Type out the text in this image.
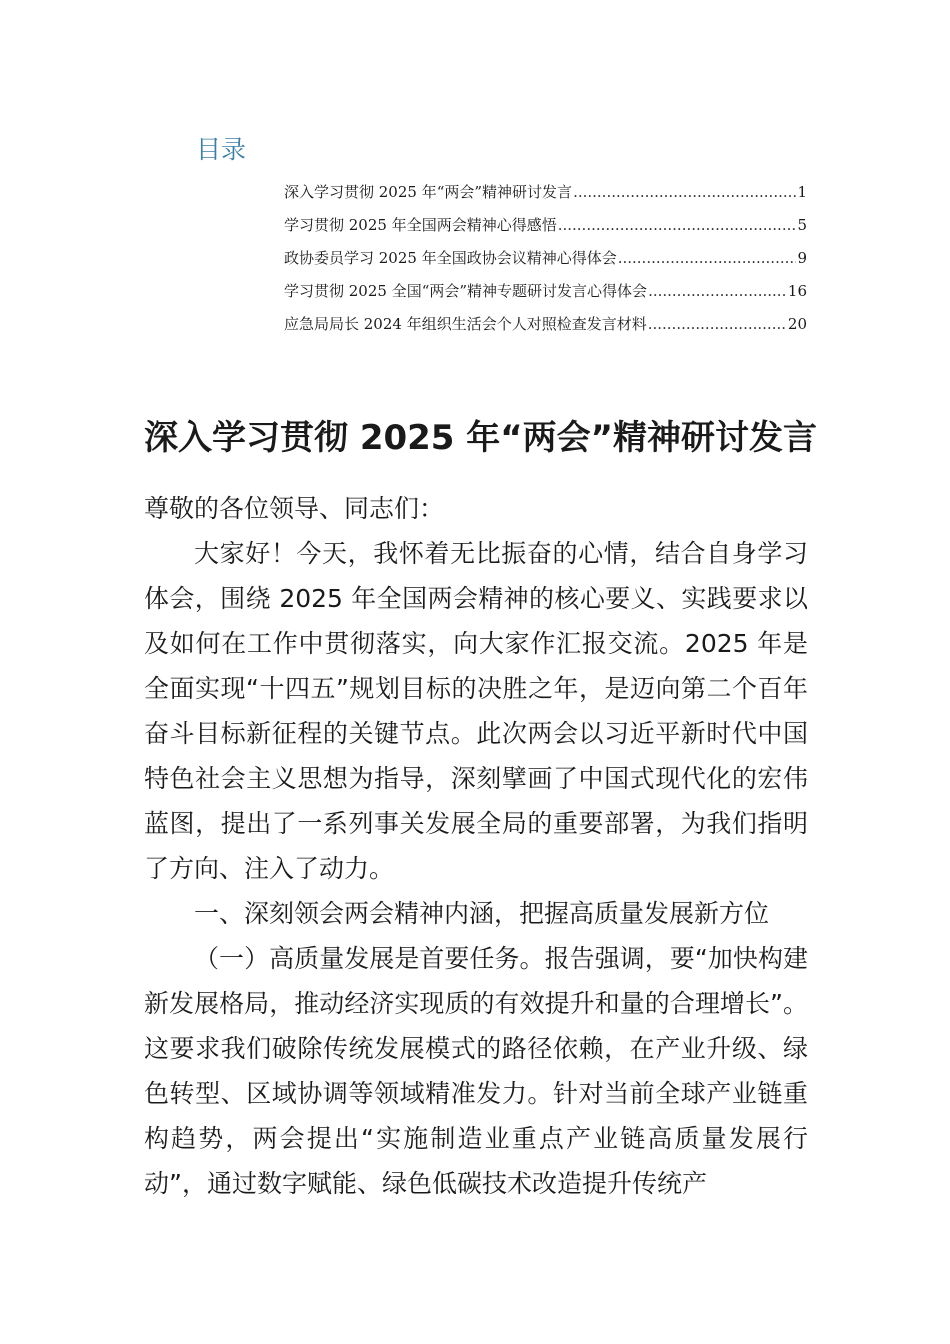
目录
深入学习贯彻 2025 年“两会”精神研讨发言 .....	1
学习贯彻 2025 年全国两会精神心得感悟 .....	5
政协委员学习 2025 年全国政协会议精神心得体会 .....	9
学习贯彻 2025 全国“两会”精神专题研讨发言心得体会 .....	16
应急局局长 2024 年组织生活会个人对照检查发言材料 .....	20
深入学习贯彻 2025 年“两会”精神研讨发言

尊敬的各位领导、同志们：

大家好！今天，我怀着无比振奋的心情，结合自身学习体会，围绕 2025 年全国两会精神的核心要义、实践要求以及如何在工作中贯彻落实，向大家作汇报交流。2025 年是全面实现“十四五”规划目标的决胜之年，是迈向第二个百年奋斗目标新征程的关键节点。此次两会以习近平新时代中国特色社会主义思想为指导，深刻擘画了中国式现代化的宏伟蓝图，提出了一系列事关发展全局的重要部署，为我们指明了方向、注入了动力。

一、深刻领会两会精神内涵，把握高质量发展新方位

（一）高质量发展是首要任务。报告强调，要“加快构建新发展格局，推动经济实现质的有效提升和量的合理增长”。这要求我们破除传统发展模式的路径依赖，在产业升级、绿色转型、区域协调等领域精准发力。针对当前全球产业链重构趋势，两会提出“实施制造业重点产业链高质量发展行动”，通过数字赋能、绿色低碳技术改造提升传统产
